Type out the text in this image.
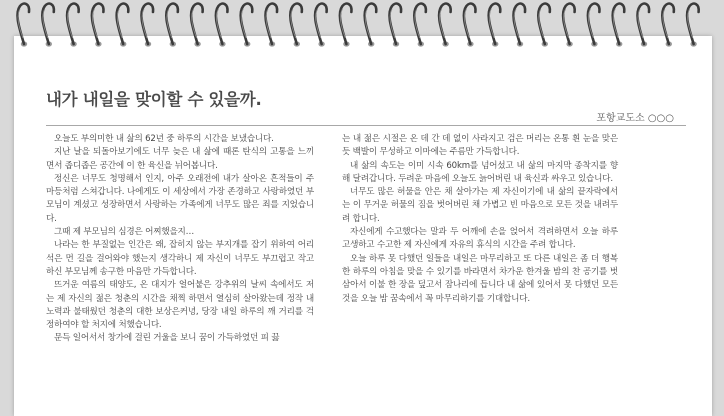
내가 내일을 맞이할 수 있을까.
포항교도소 ○○○

오늘도 부의미한 내 삶의 62년 중 하루의 시간을 보냈습니다.

지난 날을 되돌아보기에도 너무 늦은 내 삶에 때론 탄식의 고통을 느끼면서 좁디좁은 공간에 이 한 육신을 뉘어봅니다.

정신은 너무도 청명해서 인지, 아주 오래전에 내가 살아온 흔적들이 주마등처럼 스쳐갑니다. 나에게도 이 세상에서 가장 존경하고 사랑하였던 부모님이 계셨고 성장하면서 사랑하는 가족에게 너무도 많은 죄를 지었습니다.

그때 제 부모님의 심경은 어찌했을지…

나라는 한 부질없는 인간은 왜, 잡히지 않는 부지개를 잡기 위하여 어리석은 먼 길을 걸어와야 했는지 생각하니 제 자신이 너무도 부끄럽고 작고하신 부모님께 송구한 마음만 가득합니다.

뜨거운 여름의 태양도, 온 대지가 얼어붙은 강추위의 날씨 속에서도 저는 제 자신의 젊은 청춘의 시간을 채찍 하면서 열심히 살아왔는데 정작 내 노력과 불태웠던 청춘의 대한 보상은커녕, 당장 내일 하루의 깨 거리를 걱정하여야 할 처지에 처했습니다.

문득 일어서서 창가에 걸린 거울을 보니 꿈이 가득하였던 피 끓

는 내 젊은 시절은 온 데 간 데 없이 사라지고 검은 머리는 온통 흰 눈을 맞은 듯 백발이 무성하고 이마에는 주름만 가득합니다.

내 삶의 속도는 이미 시속 60km를 넘어섰고 내 삶의 마지막 종착지를 향해 달려갑니다. 두려운 마음에 오늘도 늙어버린 내 육신과 싸우고 있습니다.

너무도 많은 허물을 안은 채 살아가는 제 자신이기에 내 삶의 끝자락에서는 이 무거운 허물의 짐을 벗어버린 채 가볍고 빈 마음으로 모든 것을 내려두려 합니다.

자신에게 수고했다는 말과 두 어깨에 손을 얹어서 격려하면서 오늘 하루 고생하고 수고한 제 자신에게 자유의 휴식의 시간을 주려 합니다.

오늘 하루 못 다했던 일들을 내일은 마무리하고 또 다른 내일은 좀 더 행복한 하루의 아침을 맞을 수 있기를 바라면서 차가운 한겨울 밤의 찬 공기를 벗 삼아서 이불 한 장을 덮고서 잠나리에 듭니다 내 삶에 있어서 못 다했던 모든 것을 오늘 밤 꿈속에서 꼭 마무리하기를 기대합니다.
